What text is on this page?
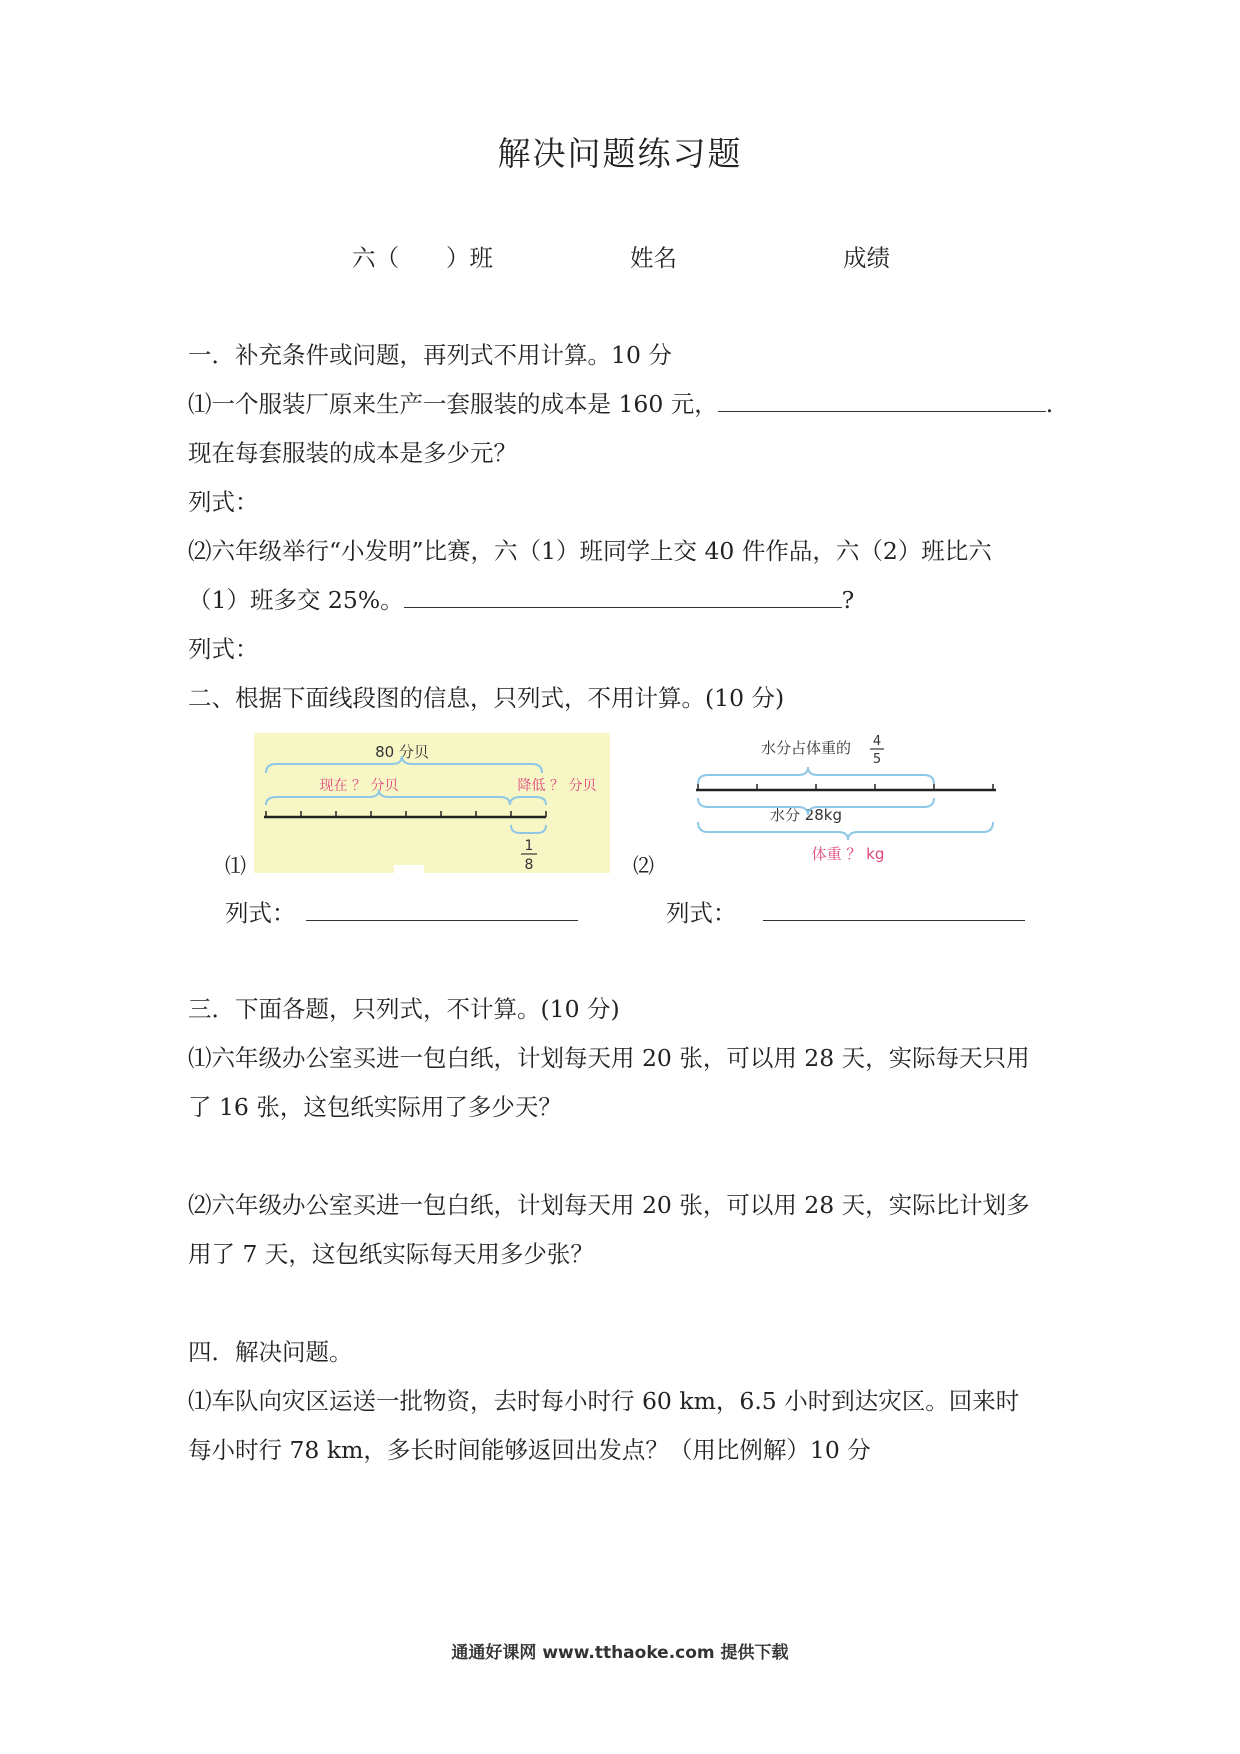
解决问题练习题
六（　　）班	姓名	成绩
一．补充条件或问题，再列式不用计算。10 分
⑴一个服装厂原来生产一套服装的成本是 160 元，	.
现在每套服装的成本是多少元？
列式：
⑵六年级举行“小发明”比赛，六（1）班同学上交 40 件作品，六（2）班比六
（1）班多交 25%。	?
列式：
二、根据下面线段图的信息，只列式，不用计算。(10 分)
⑴
80 分贝
现在 ？ 分贝	降低 ？ 分贝
1
8	⑵
水分占体重的 4
5
水分 28kg
体重 ？ kg
列式：	列式：
三．下面各题，只列式，不计算。(10 分)
⑴六年级办公室买进一包白纸，计划每天用 20 张，可以用 28 天，实际每天只用
了 16 张，这包纸实际用了多少天？
⑵六年级办公室买进一包白纸，计划每天用 20 张，可以用 28 天，实际比计划多
用了 7 天，这包纸实际每天用多少张？
四．解决问题。
⑴车队向灾区运送一批物资，去时每小时行 60 km，6.5 小时到达灾区。回来时
每小时行 78 km，多长时间能够返回出发点？（用比例解）10 分
通通好课网 www.tthaoke.com 提供下载
